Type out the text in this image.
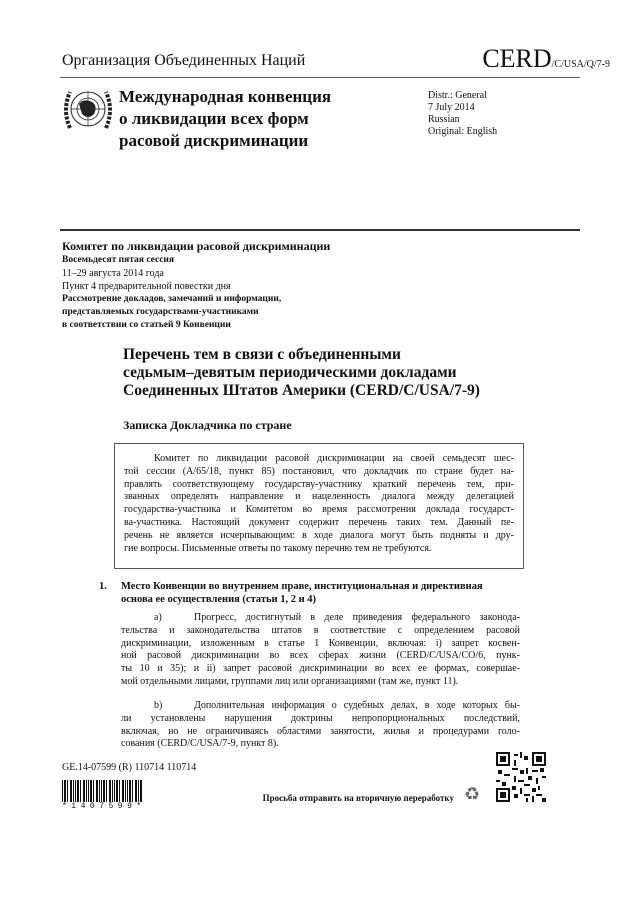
Организация Объединенных Наций	CERD/C/USA/Q/7-9
Международная конвенция
о ликвидации всех форм
расовой дискриминации
Distr.: General
7 July 2014
Russian
Original: English
Комитет по ликвидации расовой дискриминации
Восемьдесят пятая сессия
11–29 августа 2014 года
Пункт 4 предварительной повестки дня
Рассмотрение докладов, замечаний и информации,
представляемых государствами-участниками
в соответствии со статьей 9 Конвенции
Перечень тем в связи с объединенными
седьмым–девятым периодическими докладами
Соединенных Штатов Америки (CERD/C/USA/7-9)
Записка Докладчика по стране
Комитет по ликвидации расовой дискриминации на своей семьдесят шес-
той сессии (A/65/18, пункт 85) постановил, что докладчик по стране будет на-
правлять соответствующему государству-участнику краткий перечень тем, при-
званных определять направление и нацеленность диалога между делегацией
государства-участника и Комитетом во время рассмотрения доклада государст-
ва-участника. Настоящий документ содержит перечень таких тем. Данный пе-
речень не является исчерпывающим: в ходе диалога могут быть подняты и дру-
гие вопросы. Письменные ответы по такому перечню тем не требуются.
1. Место Конвенции во внутреннем праве, институциональная и директивная
основа ее осуществления (статьи 1, 2 и 4)
a)	Прогресс, достигнутый в деле приведения федерального законода-
тельства и законодательства штатов в соответствие с определением расовой
дискриминации, изложенным в статье 1 Конвенции, включая: i) запрет косвен-
ной расовой дискриминации во всех сферах жизни (CERD/C/USA/CO/6, пунк-
ты 10 и 35); и ii) запрет расовой дискриминации во всех ее формах, совершае-
мой отдельными лицами, группами лиц или организациями (там же, пункт 11).
b)	Дополнительная информация о судебных делах, в ходе которых бы-
ли установлены нарушения доктрины непропорциональных последствий,
включая, но не ограничиваясь областями занятости, жилья и процедурами голо-
сования (CERD/C/USA/7-9, пункт 8).
GE.14-07599 (R) 110714 110714
*1407599*
Просьба отправить на вторичную переработку ♻
